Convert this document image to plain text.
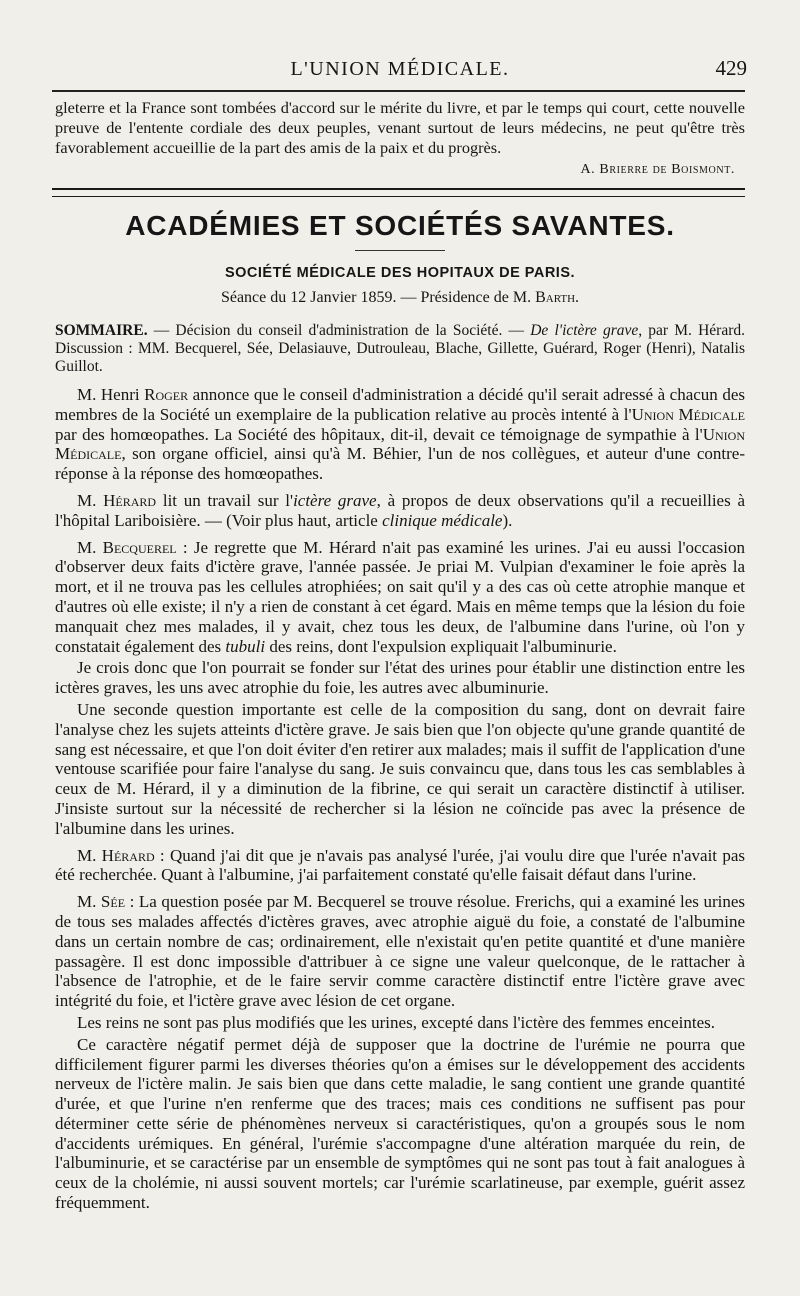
L'UNION MÉDICALE.	429

gleterre et la France sont tombées d'accord sur le mérite du livre, et par le temps qui court, cette nouvelle preuve de l'entente cordiale des deux peuples, venant surtout de leurs médecins, ne peut qu'être très favorablement accueillie de la part des amis de la paix et du progrès.

A. Brierre de Boismont.
ACADÉMIES ET SOCIÉTÉS SAVANTES.
SOCIÉTÉ MÉDICALE DES HOPITAUX DE PARIS.
Séance du 12 Janvier 1859. — Présidence de M. Barth.
SOMMAIRE. — Décision du conseil d'administration de la Société. — De l'ictère grave, par M. Hérard. Discussion : MM. Becquerel, Sée, Delasiauve, Dutrouleau, Blache, Gillette, Guérard, Roger (Henri), Natalis Guillot.

M. Henri Roger annonce que le conseil d'administration a décidé qu'il serait adressé à chacun des membres de la Société un exemplaire de la publication relative au procès intenté à l'Union Médicale par des homœopathes. La Société des hôpitaux, dit-il, devait ce témoignage de sympathie à l'Union Médicale, son organe officiel, ainsi qu'à M. Béhier, l'un de nos collègues, et auteur d'une contre-réponse à la réponse des homœopathes.

M. Hérard lit un travail sur l'ictère grave, à propos de deux observations qu'il a recueillies à l'hôpital Lariboisière. — (Voir plus haut, article clinique médicale).

M. Becquerel : Je regrette que M. Hérard n'ait pas examiné les urines. J'ai eu aussi l'occasion d'observer deux faits d'ictère grave, l'année passée. Je priai M. Vulpian d'examiner le foie après la mort, et il ne trouva pas les cellules atrophiées; on sait qu'il y a des cas où cette atrophie manque et d'autres où elle existe; il n'y a rien de constant à cet égard. Mais en même temps que la lésion du foie manquait chez mes malades, il y avait, chez tous les deux, de l'albumine dans l'urine, où l'on y constatait également des tubuli des reins, dont l'expulsion expliquait l'albuminurie.

Je crois donc que l'on pourrait se fonder sur l'état des urines pour établir une distinction entre les ictères graves, les uns avec atrophie du foie, les autres avec albuminurie.

Une seconde question importante est celle de la composition du sang, dont on devrait faire l'analyse chez les sujets atteints d'ictère grave. Je sais bien que l'on objecte qu'une grande quantité de sang est nécessaire, et que l'on doit éviter d'en retirer aux malades; mais il suffit de l'application d'une ventouse scarifiée pour faire l'analyse du sang. Je suis convaincu que, dans tous les cas semblables à ceux de M. Hérard, il y a diminution de la fibrine, ce qui serait un caractère distinctif à utiliser. J'insiste surtout sur la nécessité de rechercher si la lésion ne coïncide pas avec la présence de l'albumine dans les urines.

M. Hérard : Quand j'ai dit que je n'avais pas analysé l'urée, j'ai voulu dire que l'urée n'avait pas été recherchée. Quant à l'albumine, j'ai parfaitement constaté qu'elle faisait défaut dans l'urine.

M. Sée : La question posée par M. Becquerel se trouve résolue. Frerichs, qui a examiné les urines de tous ses malades affectés d'ictères graves, avec atrophie aiguë du foie, a constaté de l'albumine dans un certain nombre de cas; ordinairement, elle n'existait qu'en petite quantité et d'une manière passagère. Il est donc impossible d'attribuer à ce signe une valeur quelconque, de le rattacher à l'absence de l'atrophie, et de le faire servir comme caractère distinctif entre l'ictère grave avec intégrité du foie, et l'ictère grave avec lésion de cet organe.

Les reins ne sont pas plus modifiés que les urines, excepté dans l'ictère des femmes enceintes.

Ce caractère négatif permet déjà de supposer que la doctrine de l'urémie ne pourra que difficilement figurer parmi les diverses théories qu'on a émises sur le développement des accidents nerveux de l'ictère malin. Je sais bien que dans cette maladie, le sang contient une grande quantité d'urée, et que l'urine n'en renferme que des traces; mais ces conditions ne suffisent pas pour déterminer cette série de phénomènes nerveux si caractéristiques, qu'on a groupés sous le nom d'accidents urémiques. En général, l'urémie s'accompagne d'une altération marquée du rein, de l'albuminurie, et se caractérise par un ensemble de symptômes qui ne sont pas tout à fait analogues à ceux de la cholémie, ni aussi souvent mortels; car l'urémie scarlatineuse, par exemple, guérit assez fréquemment.
